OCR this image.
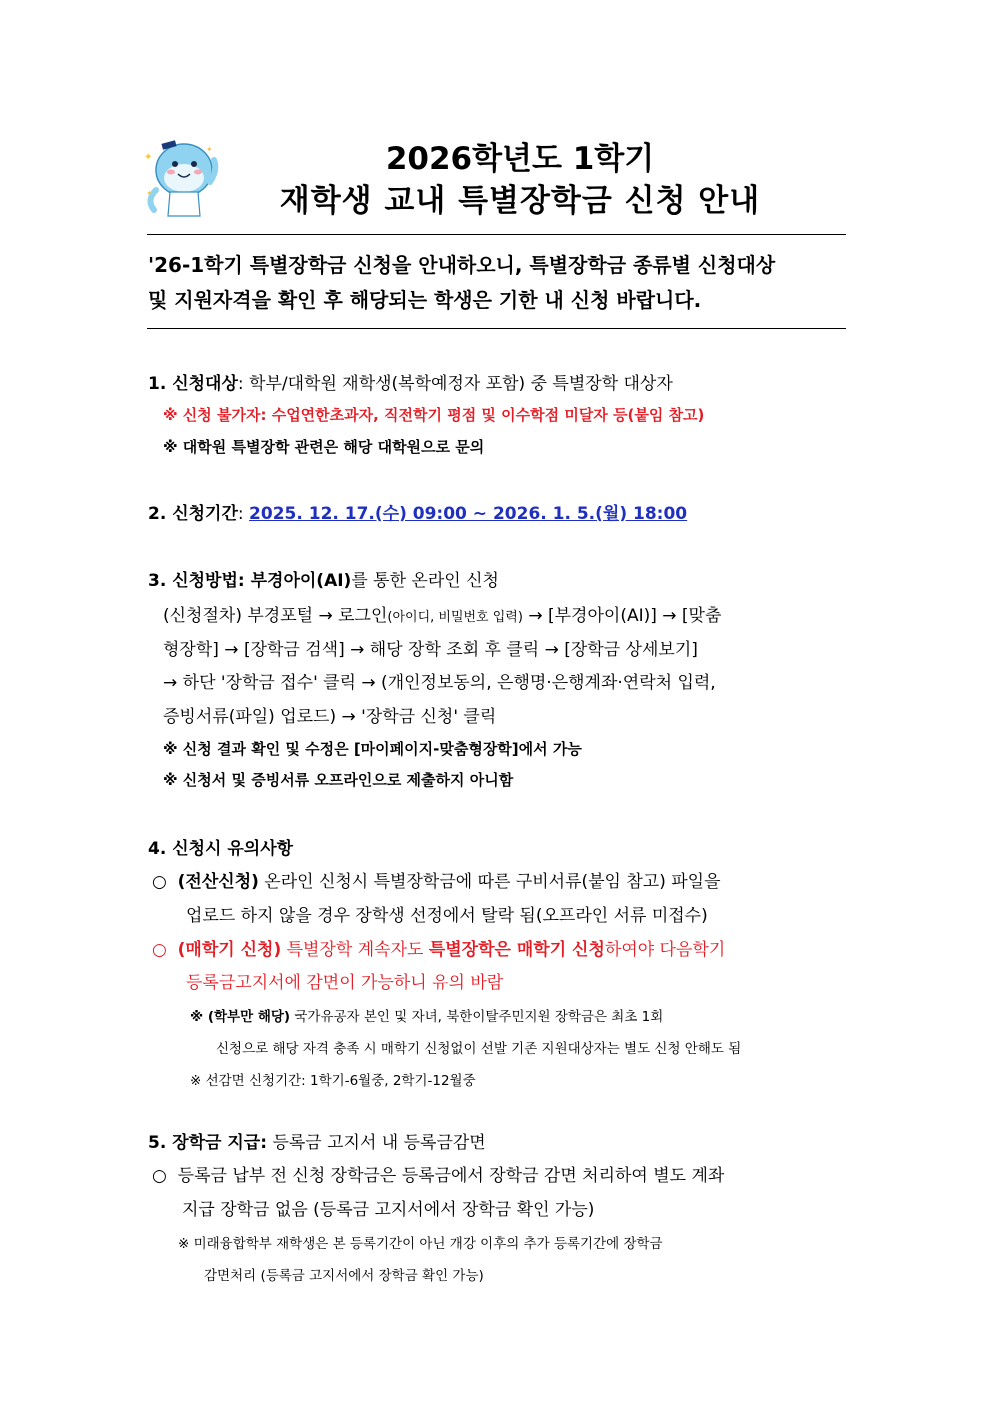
✦
✦
✦
2026학년도 1학기
재학생 교내 특별장학금 신청 안내
'26-1학기 특별장학금 신청을 안내하오니, 특별장학금 종류별 신청대상
및 지원자격을 확인 후 해당되는 학생은 기한 내 신청 바랍니다.
1. 신청대상: 학부/대학원 재학생(복학예정자 포함) 중 특별장학 대상자
※ 신청 불가자: 수업연한초과자, 직전학기 평점 및 이수학점 미달자 등(붙임 참고)
※ 대학원 특별장학 관련은 해당 대학원으로 문의
2. 신청기간: 2025. 12. 17.(수) 09:00 ~ 2026. 1. 5.(월) 18:00
3. 신청방법: 부경아이(AI)를 통한 온라인 신청
(신청절차) 부경포털 → 로그인(아이디, 비밀번호 입력) → [부경아이(AI)] → [맞춤
형장학] → [장학금 검색] → 해당 장학 조회 후 클릭 → [장학금 상세보기]
→ 하단 '장학금 접수' 클릭 → (개인정보동의, 은행명·은행계좌·연락처 입력,
증빙서류(파일) 업로드) → '장학금 신청' 클릭
※ 신청 결과 확인 및 수정은 [마이페이지-맞춤형장학]에서 가능
※ 신청서 및 증빙서류 오프라인으로 제출하지 아니함
4. 신청시 유의사항
○ (전산신청) 온라인 신청시 특별장학금에 따른 구비서류(붙임 참고) 파일을
업로드 하지 않을 경우 장학생 선정에서 탈락 됨(오프라인 서류 미접수)
○ (매학기 신청) 특별장학 계속자도 특별장학은 매학기 신청하여야 다음학기
등록금고지서에 감면이 가능하니 유의 바람
※ (학부만 해당) 국가유공자 본인 및 자녀, 북한이탈주민지원 장학금은 최초 1회
신청으로 해당 자격 충족 시 매학기 신청없이 선발 기존 지원대상자는 별도 신청 안해도 됨
※ 선감면 신청기간: 1학기-6월중, 2학기-12월중
5. 장학금 지급: 등록금 고지서 내 등록금감면
○ 등록금 납부 전 신청 장학금은 등록금에서 장학금 감면 처리하여 별도 계좌
지급 장학금 없음 (등록금 고지서에서 장학금 확인 가능)
※ 미래융합학부 재학생은 본 등록기간이 아닌 개강 이후의 추가 등록기간에 장학금
감면처리 (등록금 고지서에서 장학금 확인 가능)
